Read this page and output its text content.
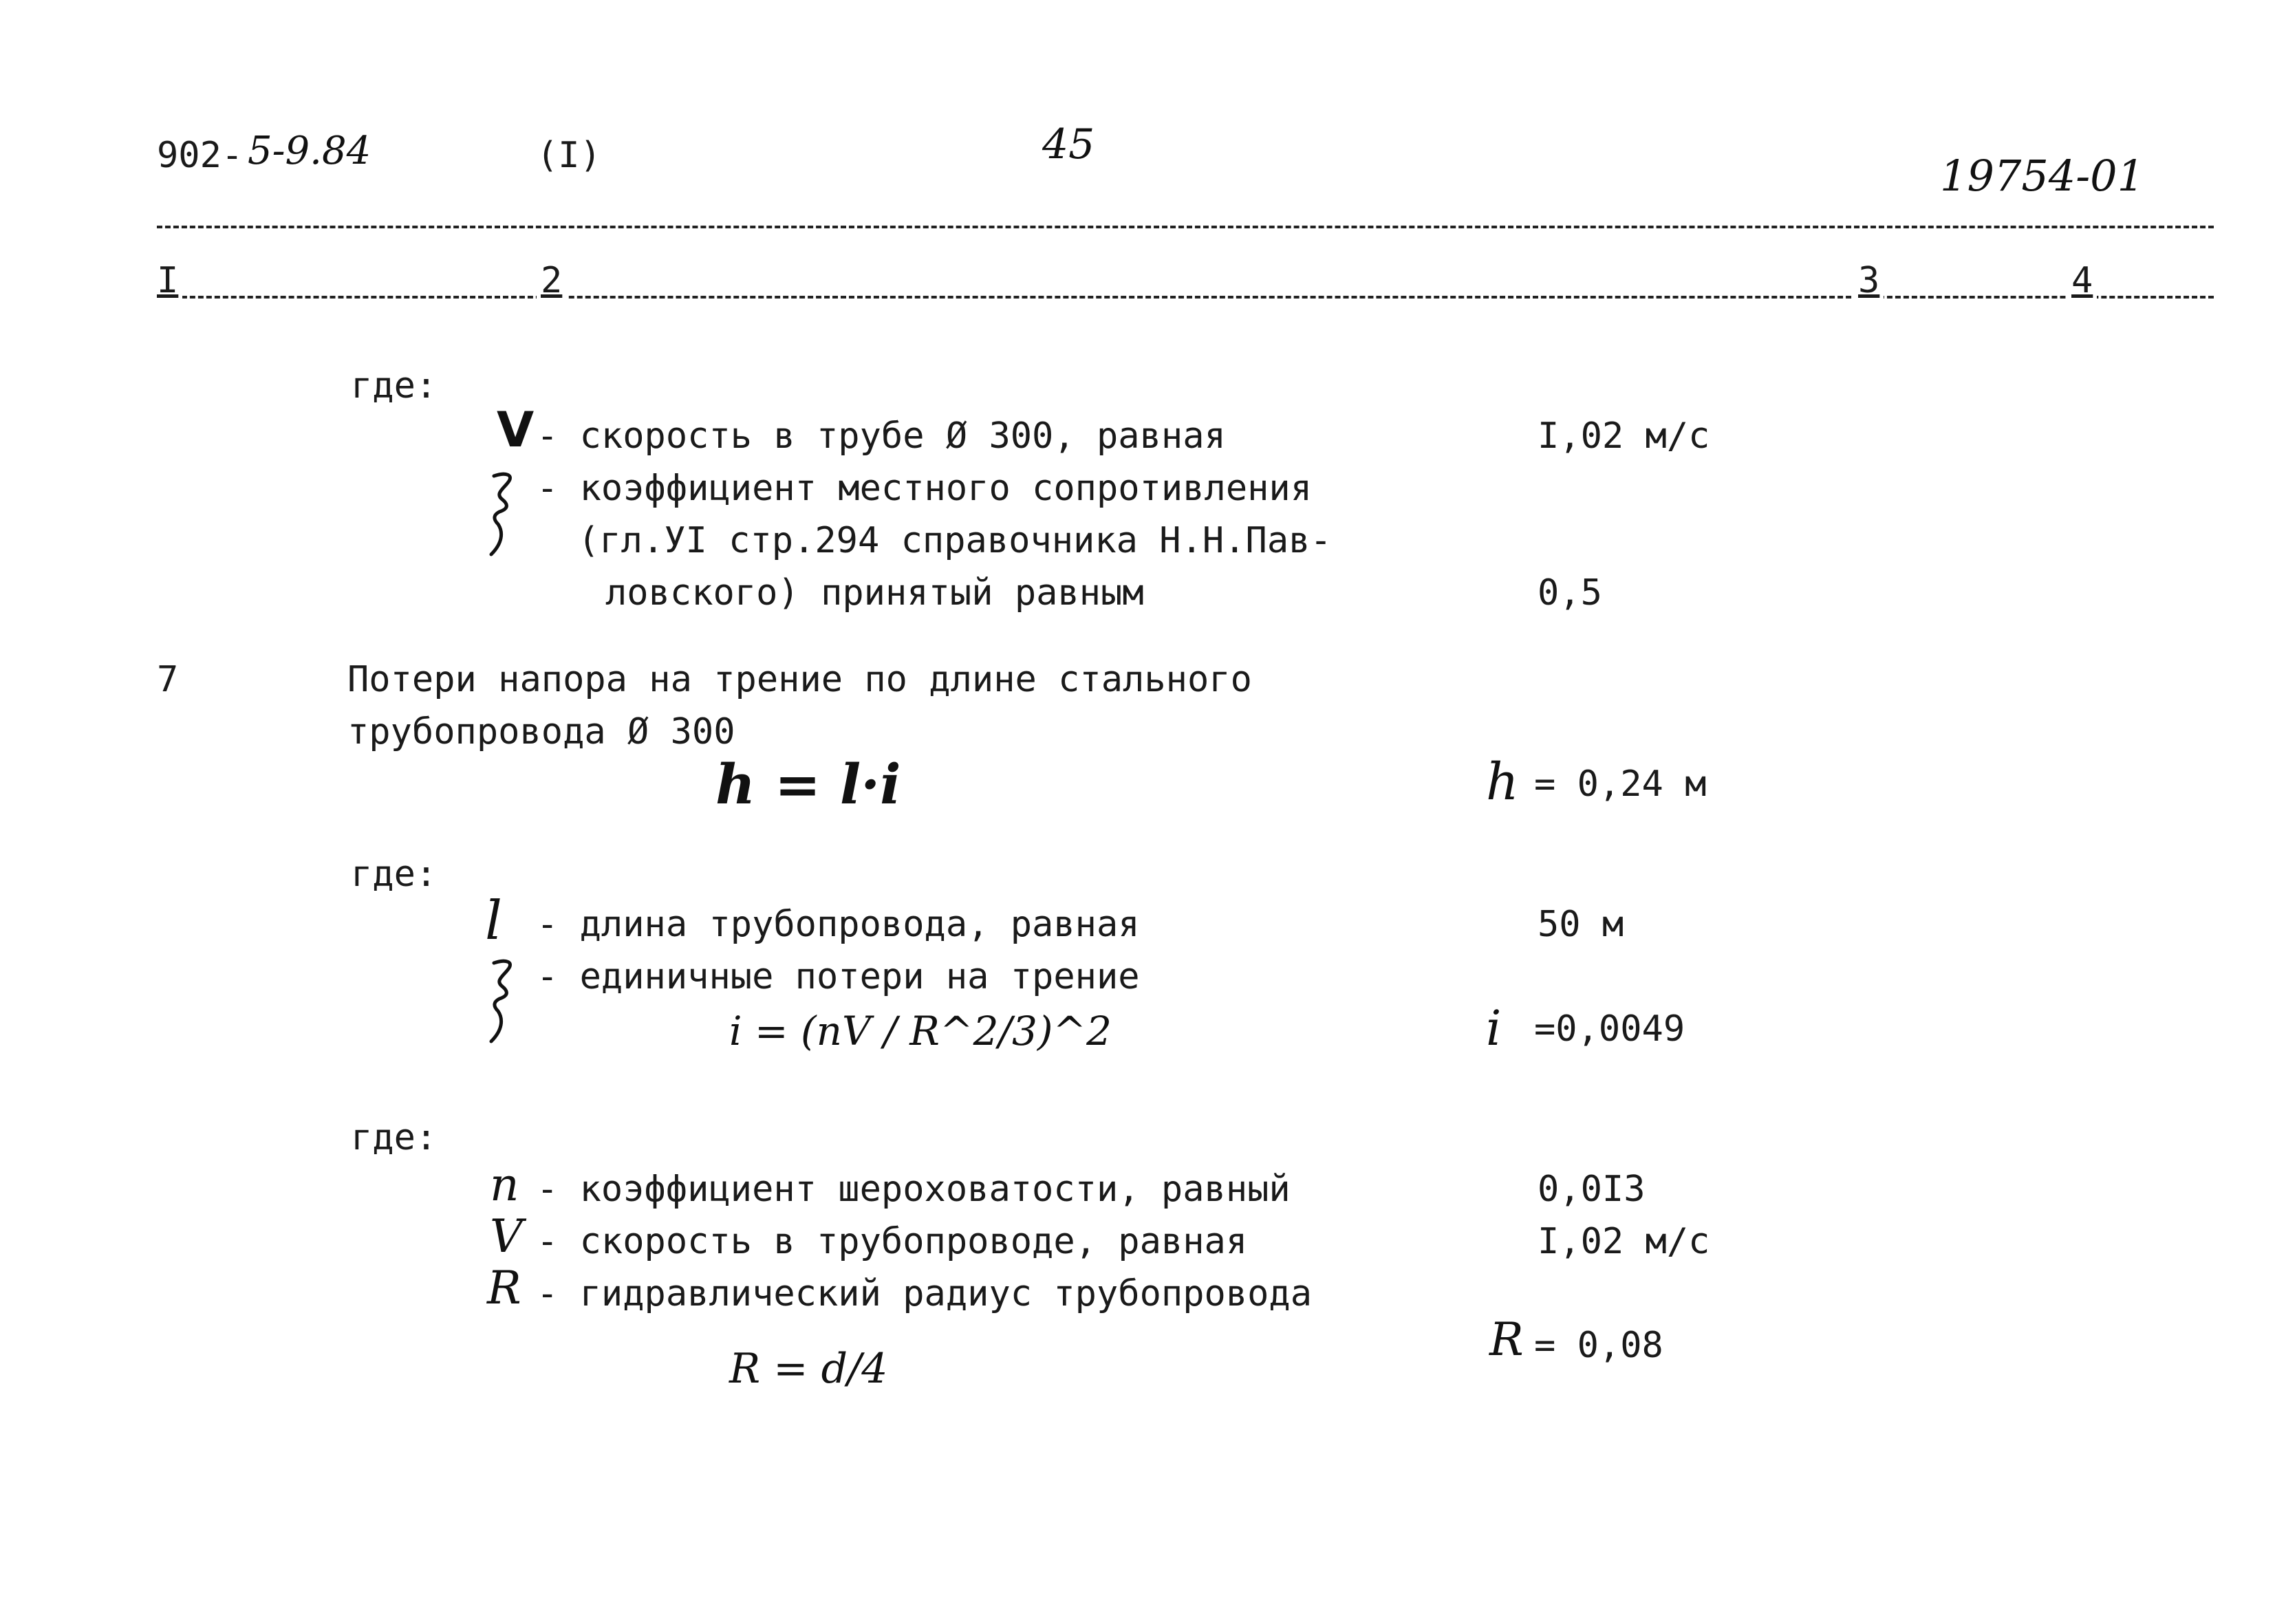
902- 5-9.84	(I)	45
19754-01
I	2	3	4
где:
V - скорость в трубе Ø 300, равная	I,02 м/с
- коэффициент местного сопротивления
(гл.УI стр.294 справочника Н.Н.Пав-
ловского) принятый равным	0,5
7	Потери напора на трение по длине стального
трубопровода Ø 300
h = l·i	h = 0,24 м
где:
l - длина трубопровода, равная	50 м
- единичные потери на трение
i = (nV / R^2/3)^2	i =0,0049
где:
n - коэффициент шероховатости, равный	0,0I3
V - скорость в трубопроводе, равная	I,02 м/с
R - гидравлический радиус трубопровода
R = d/4
R = 0,08
